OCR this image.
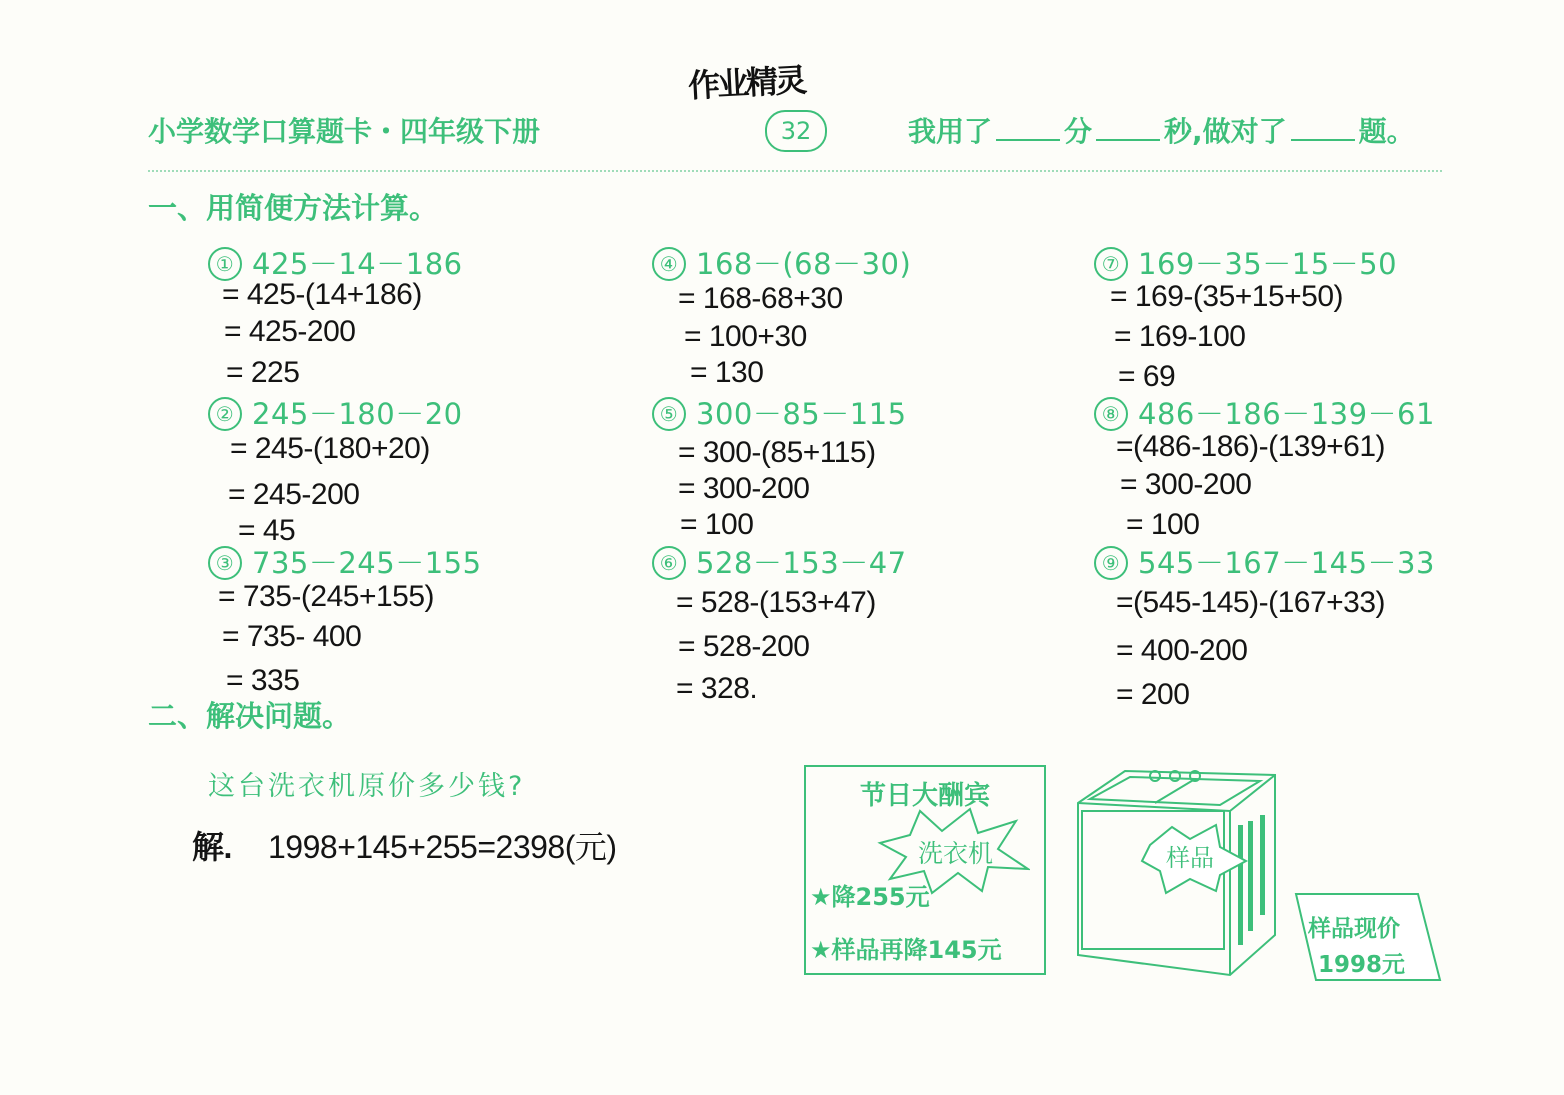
作业精灵
小学数学口算题卡・四年级下册	32	我用了	分	秒,做对了	题。
一、用简便方法计算。
① 425－14－186
= 425-(14+186)
= 425-200
= 225
② 245－180－20
= 245-(180+20)
= 245-200
= 45
③ 735－245－155
= 735-(245+155)
= 735- 400
= 335
④ 168－(68－30)
= 168-68+30
= 100+30
= 130
⑤ 300－85－115
= 300-(85+115)
= 300-200
= 100
⑥ 528－153－47
= 528-(153+47)
= 528-200
= 328.
⑦ 169－35－15－50
= 169-(35+15+50)
= 169-100
= 69
⑧ 486－186－139－61
=(486-186)-(139+61)
= 300-200
= 100
⑨ 545－167－145－33
=(545-145)-(167+33)
= 400-200
= 200
二、解决问题。
这台洗衣机原价多少钱?
解. 1998+145+255=2398(元)
节日大酬宾
洗衣机
★降255元
★样品再降145元
样品
样品现价
1998元
